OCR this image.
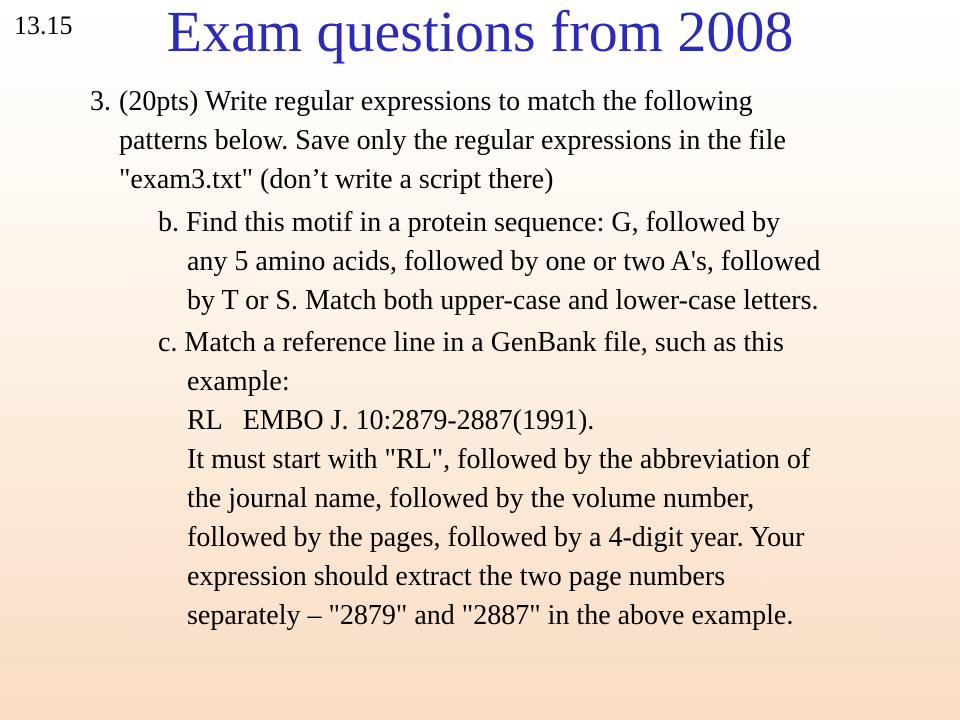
13.15	Exam questions from 2008
3. (20pts) Write regular expressions to match the following
patterns below. Save only the regular expressions in the file
"exam3.txt" (don’t write a script there)
b. Find this motif in a protein sequence: G, followed by
any 5 amino acids, followed by one or two A's, followed
by T or S. Match both upper-case and lower-case letters.
c. Match a reference line in a GenBank file, such as this
example:
RL   EMBO J. 10:2879-2887(1991).
It must start with "RL", followed by the abbreviation of
the journal name, followed by the volume number,
followed by the pages, followed by a 4-digit year. Your
expression should extract the two page numbers
separately – "2879" and "2887" in the above example.
